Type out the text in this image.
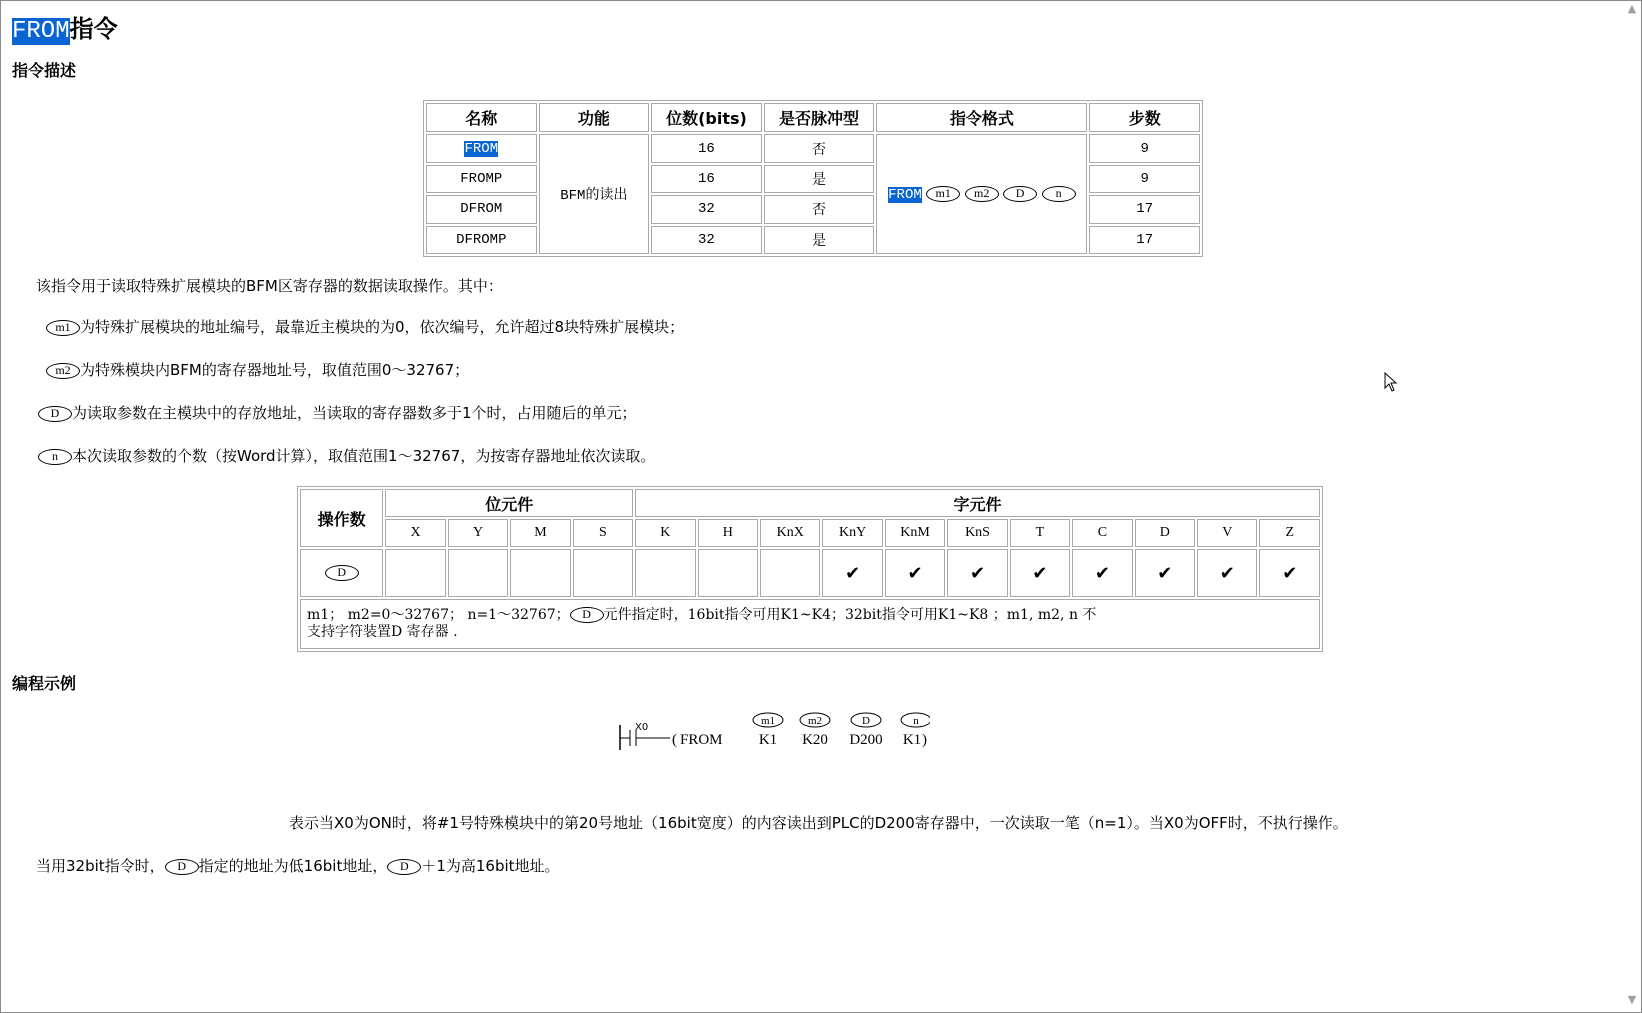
FROM指令
指令描述
名称	功能	位数(bits)	是否脉冲型	指令格式	步数
FROM	BFM的读出	16	否	FROM m1 m2 D n	9
FROMP		16	是		9
DFROM		32	否		17
DFROMP		32	是		17
该指令用于读取特殊扩展模块的BFM区寄存器的数据读取操作。其中：
m1 为特殊扩展模块的地址编号，最靠近主模块的为0，依次编号，允许超过8块特殊扩展模块；
m2 为特殊模块内BFM的寄存器地址号，取值范围0～32767；
D 为读取参数在主模块中的存放地址，当读取的寄存器数多于1个时，占用随后的单元；
n 本次读取参数的个数（按Word计算），取值范围1～32767，为按寄存器地址依次读取。
操作数	位元件				字元件										
	X	Y	M	S	K	H	KnX	KnY	KnM	KnS	T	C	D	V	Z
D								✔	✔	✔	✔	✔	✔	✔	✔
m1； m2=0～32767； n=1～32767； D 元件指定时，16bit指令可用K1~K4；32bit指令可用K1~K8 ；m1, m2, n 不
支持字符装置D 寄存器 .															
编程示例
X0
( FROM
m1	m2	D	n
K1 K20 D200 K1 )
表示当X0为ON时，将#1号特殊模块中的第20号地址（16bit宽度）的内容读出到PLC的D200寄存器中，一次读取一笔（n=1）。当X0为OFF时，不执行操作。
当用32bit指令时， D 指定的地址为低16bit地址， D ＋1为高16bit地址。
▲
▼
